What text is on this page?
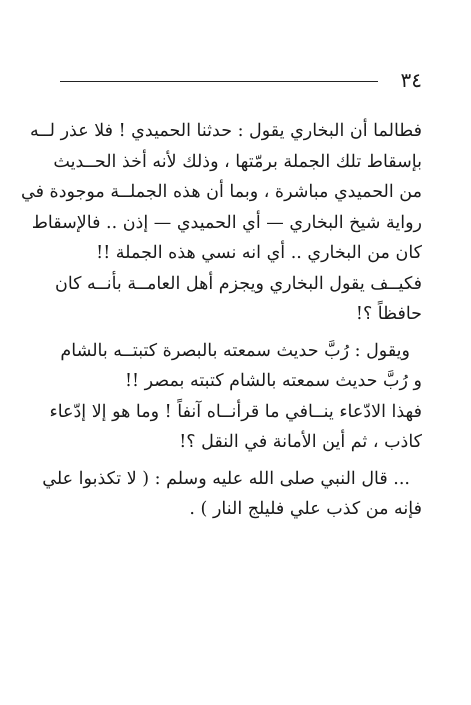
٣٤
فطالما أن البخاري يقول : حدثنا الحميدي ! فلا عذر لــه
بإسقاط تلك الجملة برمّتها ، وذلك لأنه أخذ الحــديث
من الحميدي مباشرة ، وبما أن هذه الجملــة موجودة في
رواية شيخ البخاري — أي الحميدي — إذن .. فالإسقاط
كان من البخاري .. أي انه نسي هذه الجملة !!
فكيــف يقول البخاري ويجزم أهل العامــة بأنــه كان
حافظاً ؟!
ويقول : رُبَّ حديث سمعته بالبصرة كتبتــه بالشام
و رُبَّ حديث سمعته بالشام كتبته بمصر !!
فهذا الادّعاء ينــافي ما قرأنــاه آنفاً ! وما هو إلا إدّعاء
كاذب ، ثم أين الأمانة في النقل ؟!
... قال النبي صلى الله عليه وسلم : ( لا تكذبوا علي
فإنه من كذب علي فليلج النار ) .
